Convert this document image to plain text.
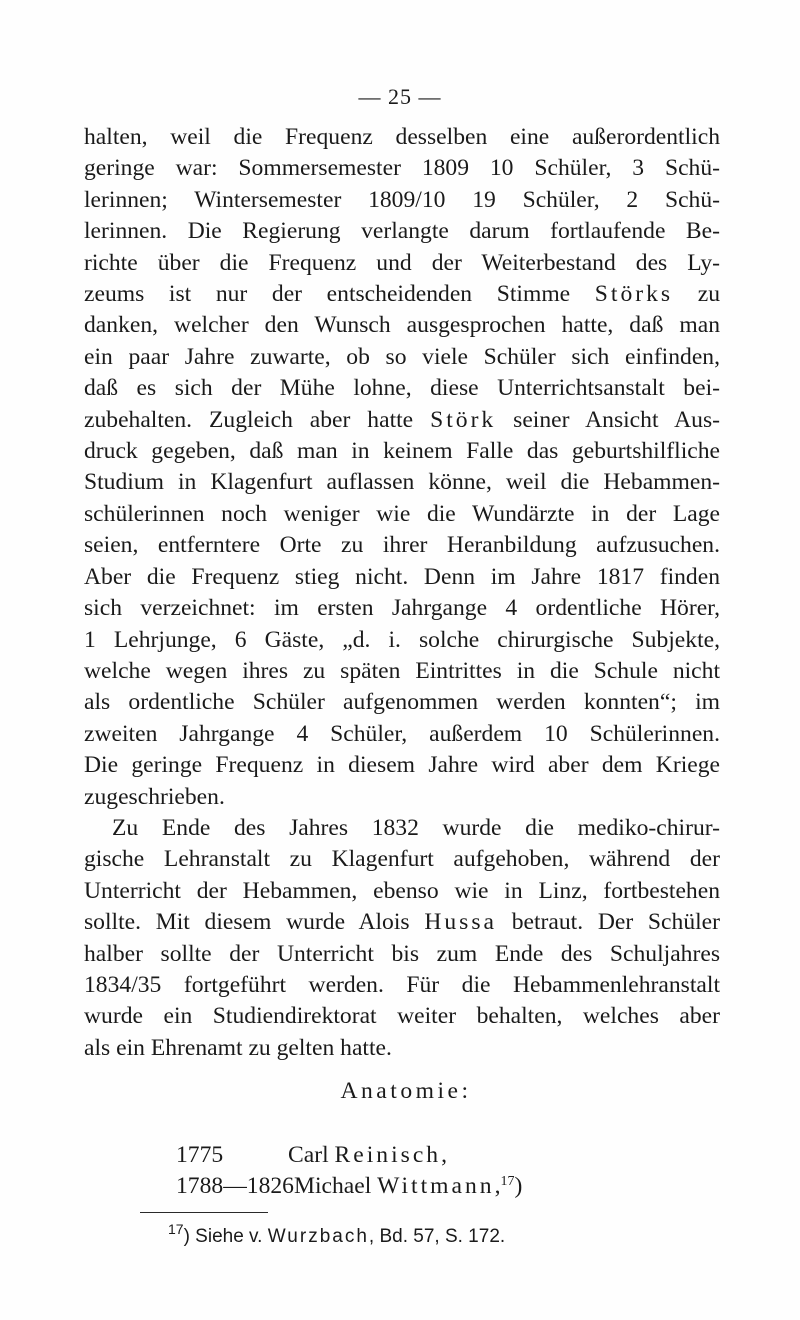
— 25 —
halten, weil die Frequenz desselben eine außerordentlich
geringe war: Sommersemester 1809 10 Schüler, 3 Schü-
lerinnen; Wintersemester 1809/10 19 Schüler, 2 Schü-
lerinnen. Die Regierung verlangte darum fortlaufende Be-
richte über die Frequenz und der Weiterbestand des Ly-
zeums ist nur der entscheidenden Stimme Störks zu
danken, welcher den Wunsch ausgesprochen hatte, daß man
ein paar Jahre zuwarte, ob so viele Schüler sich einfinden,
daß es sich der Mühe lohne, diese Unterrichtsanstalt bei-
zubehalten. Zugleich aber hatte Störk seiner Ansicht Aus-
druck gegeben, daß man in keinem Falle das geburtshilfliche
Studium in Klagenfurt auflassen könne, weil die Hebammen-
schülerinnen noch weniger wie die Wundärzte in der Lage
seien, entferntere Orte zu ihrer Heranbildung aufzusuchen.
Aber die Frequenz stieg nicht. Denn im Jahre 1817 finden
sich verzeichnet: im ersten Jahrgange 4 ordentliche Hörer,
1 Lehrjunge, 6 Gäste, „d. i. solche chirurgische Subjekte,
welche wegen ihres zu späten Eintrittes in die Schule nicht
als ordentliche Schüler aufgenommen werden konnten“; im
zweiten Jahrgange 4 Schüler, außerdem 10 Schülerinnen.
Die geringe Frequenz in diesem Jahre wird aber dem Kriege
zugeschrieben.
Zu Ende des Jahres 1832 wurde die mediko-chirur-
gische Lehranstalt zu Klagenfurt aufgehoben, während der
Unterricht der Hebammen, ebenso wie in Linz, fortbestehen
sollte. Mit diesem wurde Alois Hussa betraut. Der Schüler
halber sollte der Unterricht bis zum Ende des Schuljahres
1834/35 fortgeführt werden. Für die Hebammenlehranstalt
wurde ein Studiendirektorat weiter behalten, welches aber
als ein Ehrenamt zu gelten hatte.
Anatomie:
1775	Carl Reinisch,
1788—1826Michael Wittmann,$^{17}$)
$^{17}$) Siehe v. Wurzbach, Bd. 57, S. 172.
